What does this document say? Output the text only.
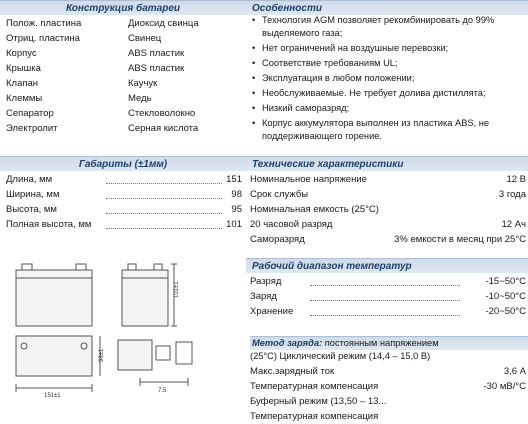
Конструкция батареи
Полож. пластина	Диоксид свинца
Отриц. пластина	Свинец
Корпус	ABS пластик
Крышка	ABS пластик
Клапан	Каучук
Клеммы	Медь
Сепаратор	Стекловолокно
Электролит	Серная кислота
Особенности
• Технология AGM позволяет рекомбинировать до 99% выделяемого газа;
• Нет ограничений на воздушные перевозки;
• Соответствие требованиям UL;
• Эксплуатация в любом положении;
• Необслуживаемые. Не требует долива дистиллята;
• Низкий саморазряд;
• Корпус аккумулятора выполнен из пластика ABS, не поддерживающего горение.
Габариты (±1мм)
Длина, мм	151
Ширина, мм	98
Высота, мм	95
Полная высота, мм	101
Технические характеристики
Номинальное напряжение	12 В
Срок службы	3 года
Номинальная емкость (25°C)
20 часовой разряд	12 Ач
Саморазряд	3% емкости в месяц при 25°C
Рабочий диапазон температур
Разряд	-15~50°C
Заряд	-10~50°C
Хранение	-20~50°C
Метод заряда: постоянным напряжением
(25°C) Циклический режим (14,4 – 15,0 В)
Макс.зарядный ток	3,6 А
Температурная компенсация	-30 мВ/°C
Буферный режим (13,50 – 13...
Температурная компенсация
101±1
151±1
98±1
7.5
